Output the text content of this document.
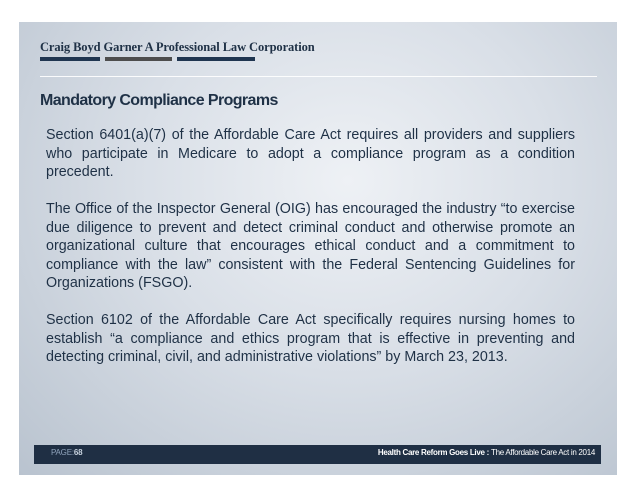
Craig Boyd Garner A Professional Law Corporation
Mandatory Compliance Programs

Section 6401(a)(7) of the Affordable Care Act requires all providers and suppliers who participate in Medicare to adopt a compliance program as a condition precedent.

The Office of the Inspector General (OIG) has encouraged the industry “to exercise due diligence to prevent and detect criminal conduct and otherwise promote an organizational culture that encourages ethical conduct and a commitment to compliance with the law” consistent with the Federal Sentencing Guidelines for Organizations (FSGO).

Section 6102 of the Affordable Care Act specifically requires nursing homes to establish “a compliance and ethics program that is effective in preventing and detecting criminal, civil, and administrative violations” by March 23, 2013.

PAGE:68	Health Care Reform Goes Live : The Affordable Care Act in 2014
